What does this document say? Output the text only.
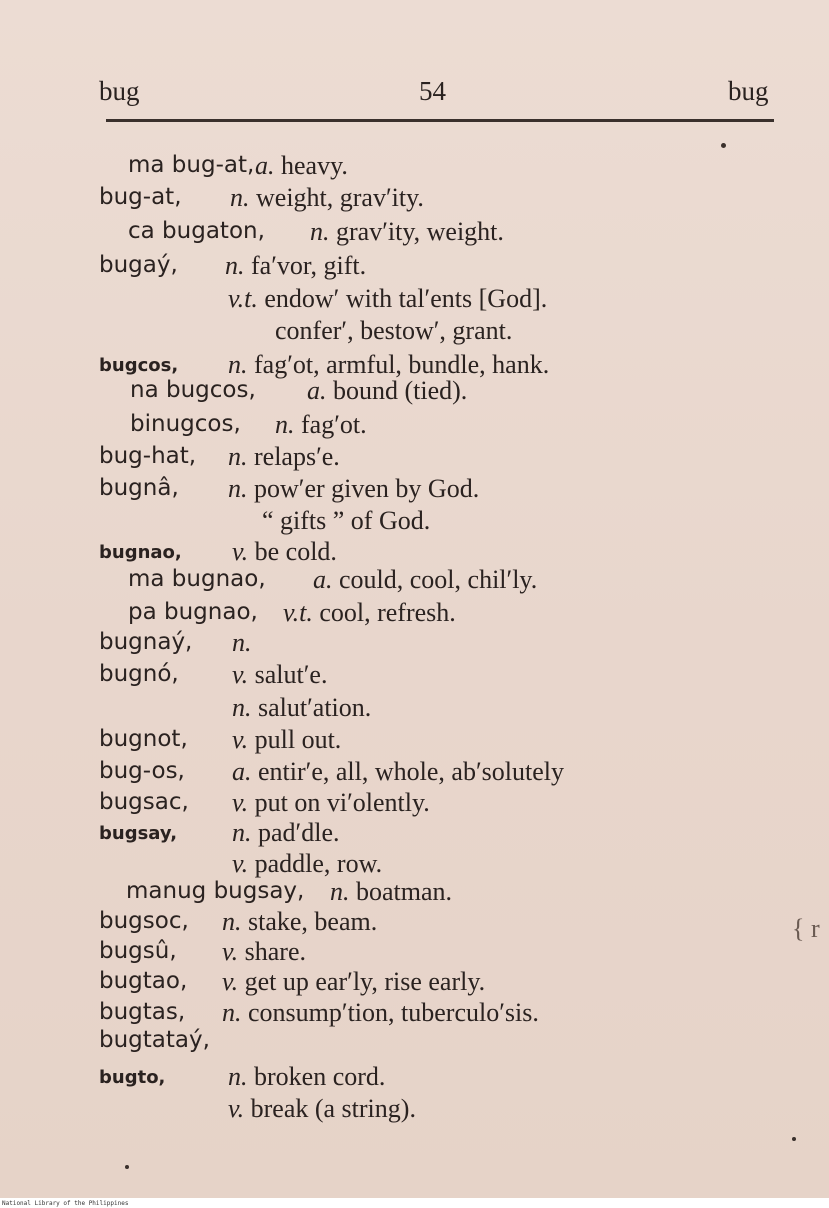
bug	54	bug
{ r
ma bug-at, a. heavy.
bug-at, n. weight, grav′ity.
ca bugaton, n. grav′ity, weight.
bugaý, n. fa′vor, gift.
v.t. endow′ with tal′ents [God].
confer′, bestow′, grant.
bugcos, n. fag′ot, armful, bundle, hank.
na bugcos, a. bound (tied).
binugcos, n. fag′ot.
bug-hat, n. relaps′e.
bugnâ, n. pow′er given by God.
“ gifts ” of God.
bugnao, v. be cold.
ma bugnao, a. could, cool, chil′ly.
pa bugnao, v.t. cool, refresh.
bugnaý, n.
bugnó, v. salut′e.
n. salut′ation.
bugnot, v. pull out.
bug-os, a. entir′e, all, whole, ab′solutely
bugsac, v. put on vi′olently.
bugsay, n. pad′dle.
v. paddle, row.
manug bugsay, n. boatman.
bugsoc, n. stake, beam.
bugsû, v. share.
bugtao, v. get up ear′ly, rise early.
bugtas, n. consump′tion, tuberculo′sis.
bugtataý,
bugto, n. broken cord.
v. break (a string).
National Library of the Philippines
